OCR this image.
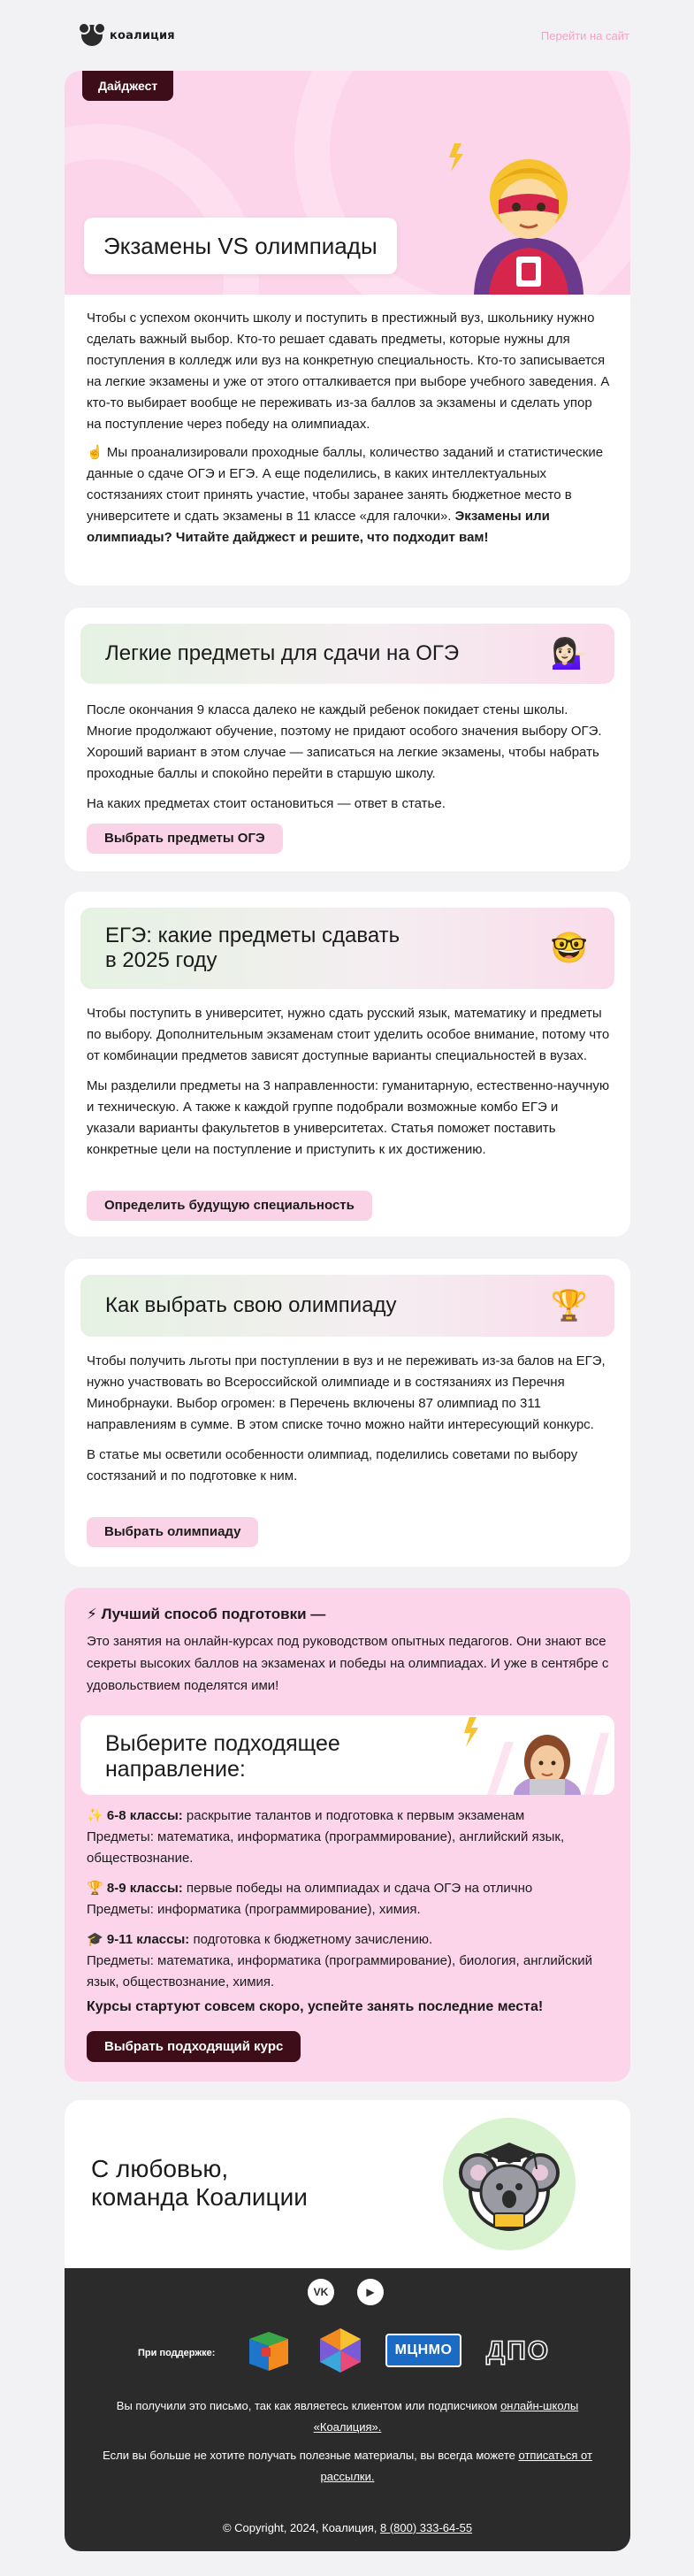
коалиция	Перейти на сайт
Дайджест
Экзамены VS олимпиады

Чтобы с успехом окончить школу и поступить в престижный вуз, школьнику нужно сделать важный выбор. Кто-то решает сдавать предметы, которые нужны для поступления в колледж или вуз на конкретную специальность. Кто-то записывается на легкие экзамены и уже от этого отталкивается при выборе учебного заведения. А кто-то выбирает вообще не переживать из-за баллов за экзамены и сделать упор на поступление через победу на олимпиадах.

☝️ Мы проанализировали проходные баллы, количество заданий и статистические данные о сдаче ОГЭ и ЕГЭ. А еще поделились, в каких интеллектуальных состязаниях стоит принять участие, чтобы заранее занять бюджетное место в университете и сдать экзамены в 11 классе «для галочки». Экзамены или олимпиады? Читайте дайджест и решите, что подходит вам!

Легкие предметы для сдачи на ОГЭ	💁🏻‍♀️

После окончания 9 класса далеко не каждый ребенок покидает стены школы. Многие продолжают обучение, поэтому не придают особого значения выбору ОГЭ. Хороший вариант в этом случае — записаться на легкие экзамены, чтобы набрать проходные баллы и спокойно перейти в старшую школу.

На каких предметах стоит остановиться — ответ в статье.

Выбрать предметы ОГЭ
ЕГЭ: какие предметы сдавать
в 2025 году	🤓

Чтобы поступить в университет, нужно сдать русский язык, математику и предметы по выбору. Дополнительным экзаменам стоит уделить особое внимание, потому что от комбинации предметов зависят доступные варианты специальностей в вузах.

Мы разделили предметы на 3 направленности: гуманитарную, естественно-научную и техническую. А также к каждой группе подобрали возможные комбо ЕГЭ и указали варианты факультетов в университетах. Статья поможет поставить конкретные цели на поступление и приступить к их достижению.

Определить будущую специальность
Как выбрать свою олимпиаду	🏆

Чтобы получить льготы при поступлении в вуз и не переживать из-за балов на ЕГЭ, нужно участвовать во Всероссийской олимпиаде и в состязаниях из Перечня Минобрнауки. Выбор огромен: в Перечень включены 87 олимпиад по 311 направлениям в сумме. В этом списке точно можно найти интересующий конкурс.

В статье мы осветили особенности олимпиад, поделились советами по выбору состязаний и по подготовке к ним.

Выбрать олимпиаду
⚡ Лучший способ подготовки —
Это занятия на онлайн-курсах под руководством опытных педагогов. Они знают все секреты высоких баллов на экзаменах и победы на олимпиадах. И уже в сентябре с удовольствием поделятся ими!
Выберите подходящее
направление:
✨ 6-8 классы: раскрытие талантов и подготовка к первым экзаменам
Предметы: математика, информатика (программирование), английский язык, обществознание.
🏆 8-9 классы: первые победы на олимпиадах и сдача ОГЭ на отлично
Предметы: информатика (программирование), химия.
🎓 9-11 классы: подготовка к бюджетному зачислению.
Предметы: математика, информатика (программирование), биология, английский язык, обществознание, химия.
Курсы стартуют совсем скоро, успейте занять последние места!
Выбрать подходящий курс
С любовью,
команда Коалиции
VK	▶
При поддержке:	МЦНМО	ДПО
Вы получили это письмо, так как являетесь клиентом или подписчиком онлайн-школы «Коалиция».
Если вы больше не хотите получать полезные материалы, вы всегда можете отписаться от рассылки.
© Copyright, 2024, Коалиция, 8 (800) 333-64-55
